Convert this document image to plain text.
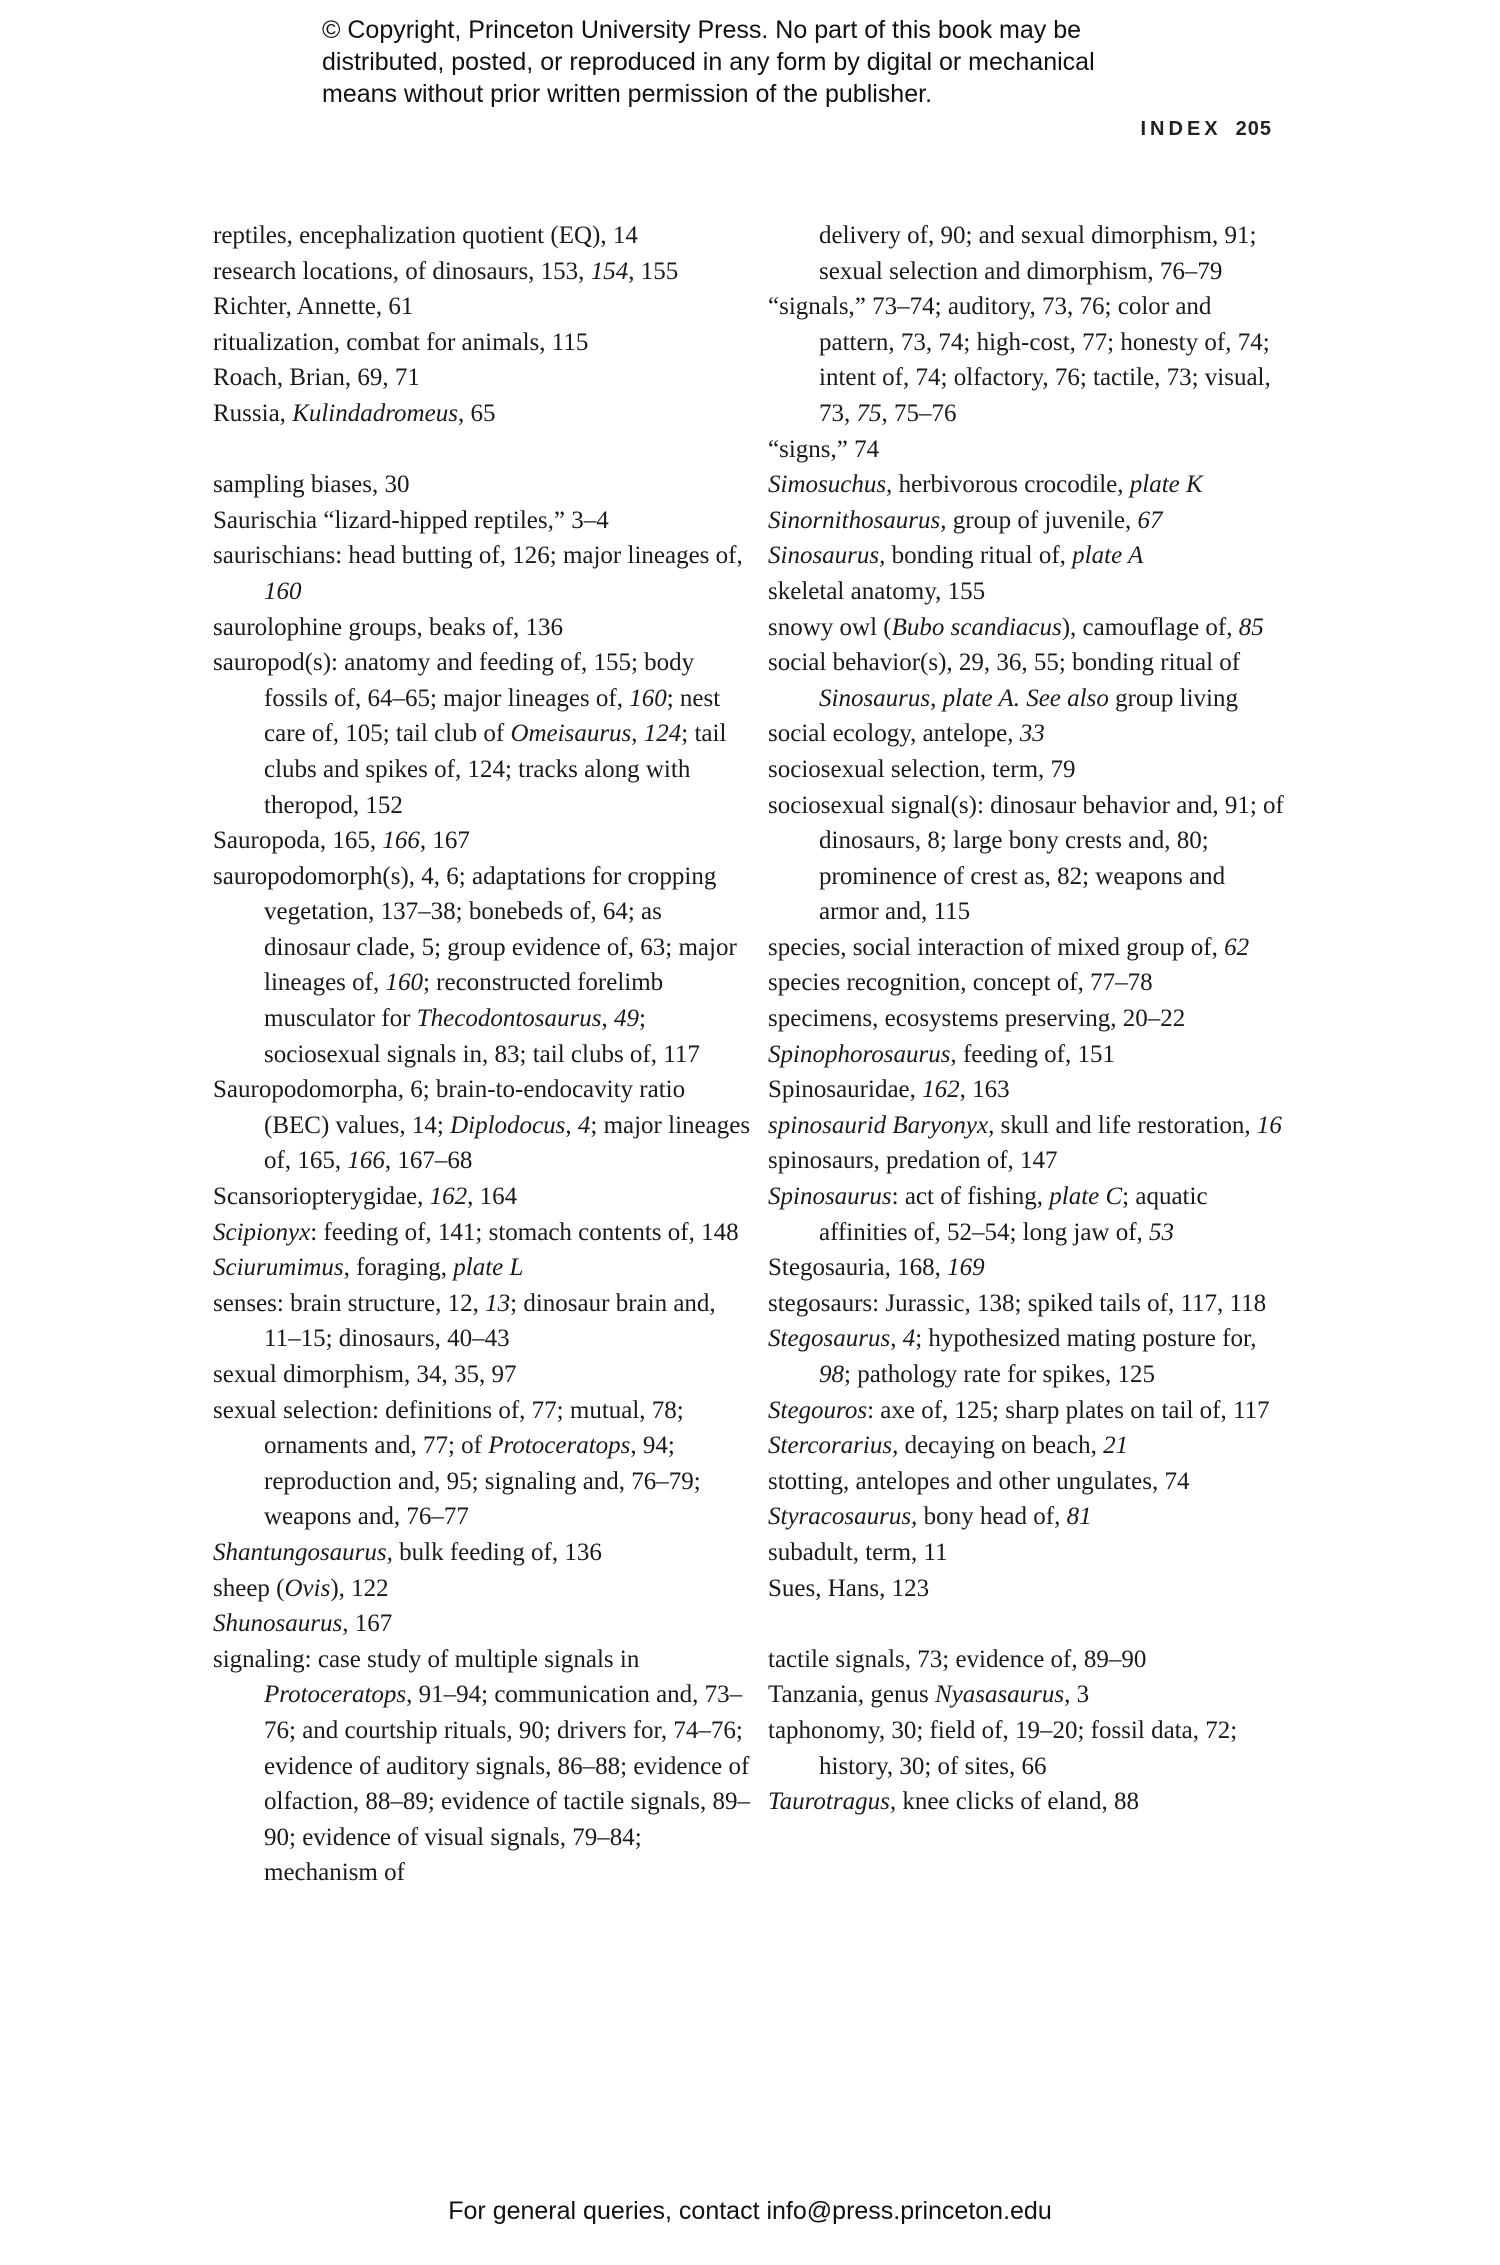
© Copyright, Princeton University Press. No part of this book may be
distributed, posted, or reproduced in any form by digital or mechanical
means without prior written permission of the publisher.
INDEX 205
reptiles, encephalization quotient (EQ), 14
research locations, of dinosaurs, 153, 154, 155
Richter, Annette, 61
ritualization, combat for animals, 115
Roach, Brian, 69, 71
Russia, Kulindadromeus, 65
sampling biases, 30
Saurischia “lizard-hipped reptiles,” 3–4
saurischians: head butting of, 126; major lineages of, 160
saurolophine groups, beaks of, 136
sauropod(s): anatomy and feeding of, 155; body fossils of, 64–65; major lineages of, 160; nest care of, 105; tail club of Omeisaurus, 124; tail clubs and spikes of, 124; tracks along with theropod, 152
Sauropoda, 165, 166, 167
sauropodomorph(s), 4, 6; adaptations for cropping vegetation, 137–38; bonebeds of, 64; as dinosaur clade, 5; group evidence of, 63; major lineages of, 160; reconstructed forelimb musculator for Thecodontosaurus, 49; sociosexual signals in, 83; tail clubs of, 117
Sauropodomorpha, 6; brain-to-endocavity ratio (BEC) values, 14; Diplodocus, 4; major lineages of, 165, 166, 167–68
Scansoriopterygidae, 162, 164
Scipionyx: feeding of, 141; stomach contents of, 148
Sciurumimus, foraging, plate L
senses: brain structure, 12, 13; dinosaur brain and, 11–15; dinosaurs, 40–43
sexual dimorphism, 34, 35, 97
sexual selection: definitions of, 77; mutual, 78; ornaments and, 77; of Protoceratops, 94; reproduction and, 95; signaling and, 76–79; weapons and, 76–77
Shantungosaurus, bulk feeding of, 136
sheep (Ovis), 122
Shunosaurus, 167
signaling: case study of multiple signals in Protoceratops, 91–94; communication and, 73–76; and courtship rituals, 90; drivers for, 74–76; evidence of auditory signals, 86–88; evidence of olfaction, 88–89; evidence of tactile signals, 89–90; evidence of visual signals, 79–84; mechanism of
delivery of, 90; and sexual dimorphism, 91; sexual selection and dimorphism, 76–79
“signals,” 73–74; auditory, 73, 76; color and pattern, 73, 74; high-cost, 77; honesty of, 74; intent of, 74; olfactory, 76; tactile, 73; visual, 73, 75, 75–76
“signs,” 74
Simosuchus, herbivorous crocodile, plate K
Sinornithosaurus, group of juvenile, 67
Sinosaurus, bonding ritual of, plate A
skeletal anatomy, 155
snowy owl (Bubo scandiacus), camouflage of, 85
social behavior(s), 29, 36, 55; bonding ritual of Sinosaurus, plate A. See also group living
social ecology, antelope, 33
sociosexual selection, term, 79
sociosexual signal(s): dinosaur behavior and, 91; of dinosaurs, 8; large bony crests and, 80; prominence of crest as, 82; weapons and armor and, 115
species, social interaction of mixed group of, 62
species recognition, concept of, 77–78
specimens, ecosystems preserving, 20–22
Spinophorosaurus, feeding of, 151
Spinosauridae, 162, 163
spinosaurid Baryonyx, skull and life restoration, 16
spinosaurs, predation of, 147
Spinosaurus: act of fishing, plate C; aquatic affinities of, 52–54; long jaw of, 53
Stegosauria, 168, 169
stegosaurs: Jurassic, 138; spiked tails of, 117, 118
Stegosaurus, 4; hypothesized mating posture for, 98; pathology rate for spikes, 125
Stegouros: axe of, 125; sharp plates on tail of, 117
Stercorarius, decaying on beach, 21
stotting, antelopes and other ungulates, 74
Styracosaurus, bony head of, 81
subadult, term, 11
Sues, Hans, 123
tactile signals, 73; evidence of, 89–90
Tanzania, genus Nyasasaurus, 3
taphonomy, 30; field of, 19–20; fossil data, 72; history, 30; of sites, 66
Taurotragus, knee clicks of eland, 88
For general queries, contact info@press.princeton.edu
